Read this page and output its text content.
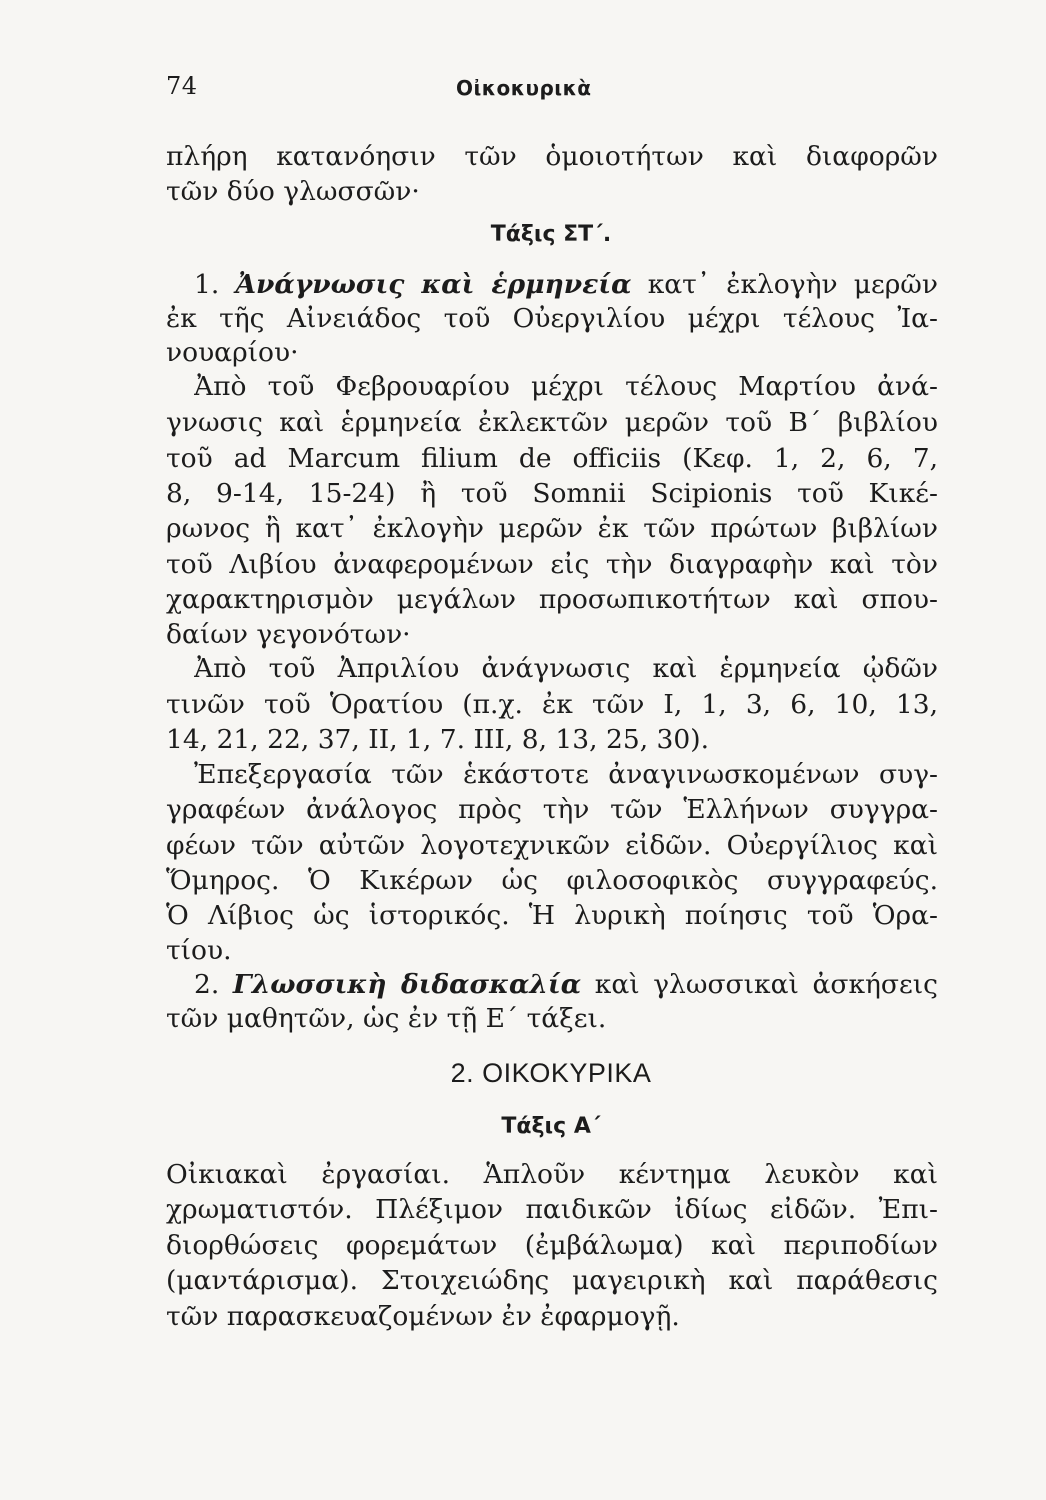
74	Οἰκοκυρικὰ
πλήρη κατανόησιν τῶν ὁμοιοτήτων καὶ διαφορῶν
τῶν δύο γλωσσῶν·
Τάξις ΣΤ΄.
1. Ἀνάγνωσις καὶ ἑρμηνεία κατ᾽ ἐκλογὴν μερῶν
ἐκ τῆς Αἰνειάδος τοῦ Οὐεργιλίου μέχρι τέλους Ἰα-
νουαρίου·
Ἀπὸ τοῦ Φεβρουαρίου μέχρι τέλους Μαρτίου ἀνά-
γνωσις καὶ ἑρμηνεία ἐκλεκτῶν μερῶν τοῦ Β΄ βιβλίου
τοῦ ad Marcum filium de officiis (Κεφ. 1, 2, 6, 7,
8, 9-14, 15-24) ἢ τοῦ Somnii Scipionis τοῦ Κικέ-
ρωνος ἢ κατ᾽ ἐκλογὴν μερῶν ἐκ τῶν πρώτων βιβλίων
τοῦ Λιβίου ἀναφερομένων εἰς τὴν διαγραφὴν καὶ τὸν
χαρακτηρισμὸν μεγάλων προσωπικοτήτων καὶ σπου-
δαίων γεγονότων·
Ἀπὸ τοῦ Ἀπριλίου ἀνάγνωσις καὶ ἑρμηνεία ᾠδῶν
τινῶν τοῦ Ὁρατίου (π.χ. ἐκ τῶν I, 1, 3, 6, 10, 13,
14, 21, 22, 37, II, 1, 7. III, 8, 13, 25, 30).
Ἐπεξεργασία τῶν ἑκάστοτε ἀναγινωσκομένων συγ-
γραφέων ἀνάλογος πρὸς τὴν τῶν Ἑλλήνων συγγρα-
φέων τῶν αὐτῶν λογοτεχνικῶν εἰδῶν. Οὐεργίλιος καὶ
Ὅμηρος. Ὁ Κικέρων ὡς φιλοσοφικὸς συγγραφεύς.
Ὁ Λίβιος ὡς ἱστορικός. Ἡ λυρικὴ ποίησις τοῦ Ὁρα-
τίου.
2. Γλωσσικὴ διδασκαλία καὶ γλωσσικαὶ ἀσκήσεις
τῶν μαθητῶν, ὡς ἐν τῇ Ε΄ τάξει.
2. ΟΙΚΟΚΥΡΙΚΑ
Τάξις Α΄
Οἰκιακαὶ ἐργασίαι. Ἁπλοῦν κέντημα λευκὸν καὶ
χρωματιστόν. Πλέξιμον παιδικῶν ἰδίως εἰδῶν. Ἐπι-
διορθώσεις φορεμάτων (ἐμβάλωμα) καὶ περιποδίων
(μαντάρισμα). Στοιχειώδης μαγειρικὴ καὶ παράθεσις
τῶν παρασκευαζομένων ἐν ἐφαρμογῇ.
